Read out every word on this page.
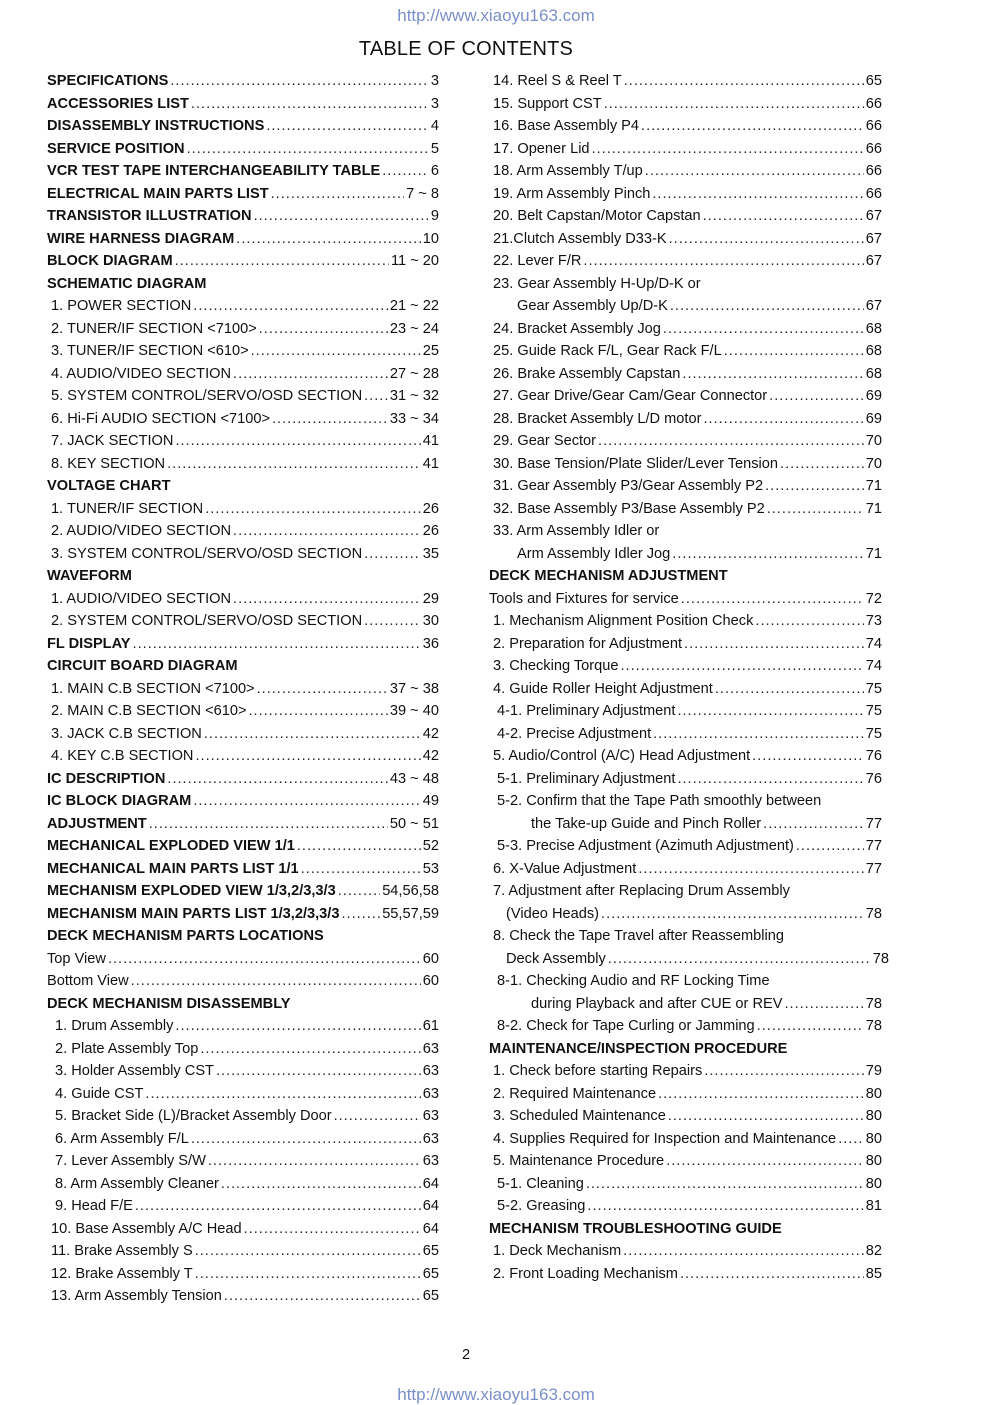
http://www.xiaoyu163.com
TABLE OF CONTENTS
SPECIFICATIONS .....	3
ACCESSORIES LIST .....	3
DISASSEMBLY INSTRUCTIONS .....	4
SERVICE POSITION .....	5
VCR TEST TAPE INTERCHANGEABILITY TABLE .....	6
ELECTRICAL MAIN PARTS LIST .....	7 ~ 8
TRANSISTOR ILLUSTRATION .....	9
WIRE HARNESS DIAGRAM .....	10
BLOCK DIAGRAM .....	11 ~ 20
SCHEMATIC DIAGRAM
1. POWER SECTION .....	21 ~ 22
2. TUNER/IF SECTION <7100> .....	23 ~ 24
3. TUNER/IF SECTION <610> .....	25
4. AUDIO/VIDEO SECTION .....	27 ~ 28
5. SYSTEM CONTROL/SERVO/OSD SECTION ..... 31 ~ 32
6. Hi-Fi AUDIO SECTION <7100> .....	33 ~ 34
7. JACK SECTION .....	41
8. KEY SECTION .....	41
VOLTAGE CHART
1. TUNER/IF SECTION .....	26
2. AUDIO/VIDEO SECTION .....	26
3. SYSTEM CONTROL/SERVO/OSD SECTION .....	35
WAVEFORM
1. AUDIO/VIDEO SECTION .....	29
2. SYSTEM CONTROL/SERVO/OSD SECTION .....	30
FL DISPLAY .....	36
CIRCUIT BOARD DIAGRAM
1. MAIN C.B SECTION <7100> .....	37 ~ 38
2. MAIN C.B SECTION <610> .....	39 ~ 40
3. JACK C.B SECTION .....	42
4. KEY C.B SECTION .....	42
IC DESCRIPTION .....	43 ~ 48
IC BLOCK DIAGRAM .....	49
ADJUSTMENT .....	50 ~ 51
MECHANICAL EXPLODED VIEW 1/1 .....	52
MECHANICAL MAIN PARTS LIST 1/1 .....	53
MECHANISM EXPLODED VIEW 1/3,2/3,3/3 .....	54,56,58
MECHANISM MAIN PARTS LIST 1/3,2/3,3/3 .....	55,57,59
DECK MECHANISM PARTS LOCATIONS
Top View .....	60
Bottom View .....	60
DECK MECHANISM DISASSEMBLY
1. Drum Assembly .....	61
2. Plate Assembly Top .....	63
3. Holder Assembly CST .....	63
4. Guide CST .....	63
5. Bracket Side (L)/Bracket Assembly Door .....	63
6. Arm Assembly F/L .....	63
7. Lever Assembly S/W .....	63
8. Arm Assembly Cleaner .....	64
9. Head F/E .....	64
10. Base Assembly A/C Head .....	64
11. Brake Assembly S .....	65
12. Brake Assembly T .....	65
13. Arm Assembly Tension .....	65
14. Reel S & Reel T .....	65
15. Support CST .....	66
16. Base Assembly P4 .....	66
17. Opener Lid .....	66
18. Arm Assembly T/up .....	66
19. Arm Assembly Pinch .....	66
20. Belt Capstan/Motor Capstan .....	67
21.Clutch Assembly D33-K .....	67
22. Lever F/R .....	67
23. Gear Assembly H-Up/D-K or
Gear Assembly Up/D-K .....	67
24. Bracket Assembly Jog .....	68
25. Guide Rack F/L, Gear Rack F/L .....	68
26. Brake Assembly Capstan .....	68
27. Gear Drive/Gear Cam/Gear Connector .....	69
28. Bracket Assembly L/D motor .....	69
29. Gear Sector .....	70
30. Base Tension/Plate Slider/Lever Tension .....	70
31. Gear Assembly P3/Gear Assembly P2 .....	71
32. Base Assembly P3/Base Assembly P2 .....	71
33. Arm Assembly Idler or
Arm Assembly Idler Jog .....	71
DECK MECHANISM ADJUSTMENT
Tools and Fixtures for service .....	72
1. Mechanism Alignment Position Check .....	73
2. Preparation for Adjustment .....	74
3. Checking Torque .....	74
4. Guide Roller Height Adjustment .....	75
4-1. Preliminary Adjustment .....	75
4-2. Precise Adjustment .....	75
5. Audio/Control (A/C) Head Adjustment .....	76
5-1. Preliminary Adjustment .....	76
5-2. Confirm that the Tape Path smoothly between
the Take-up Guide and Pinch Roller .....	77
5-3. Precise Adjustment (Azimuth Adjustment) .....	77
6. X-Value Adjustment .....	77
7. Adjustment after Replacing Drum Assembly
(Video Heads) .....	78
8. Check the Tape Travel after Reassembling
Deck Assembly .....	78
8-1. Checking Audio and RF Locking Time
during Playback and after CUE or REV .....	78
8-2. Check for Tape Curling or Jamming .....	78
MAINTENANCE/INSPECTION PROCEDURE
1. Check before starting Repairs .....	79
2. Required Maintenance .....	80
3. Scheduled Maintenance .....	80
4. Supplies Required for Inspection and Maintenance ..... 80
5. Maintenance Procedure .....	80
5-1. Cleaning .....	80
5-2. Greasing .....	81
MECHANISM TROUBLESHOOTING GUIDE
1. Deck Mechanism .....	82
2. Front Loading Mechanism .....	85
2
http://www.xiaoyu163.com
